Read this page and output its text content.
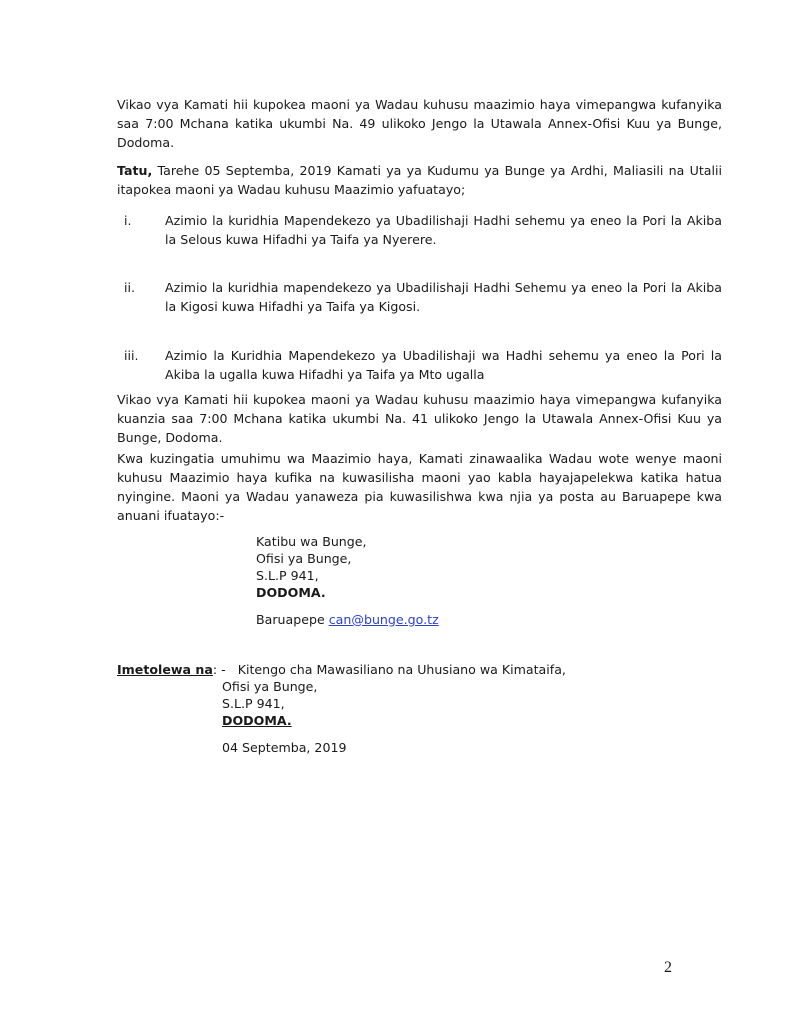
Vikao vya Kamati hii kupokea maoni ya Wadau kuhusu maazimio haya vimepangwa kufanyika saa 7:00 Mchana katika ukumbi Na. 49 ulikoko Jengo la Utawala Annex-Ofisi Kuu ya Bunge, Dodoma.

Tatu, Tarehe 05 Septemba, 2019 Kamati ya ya Kudumu ya Bunge ya Ardhi, Maliasili na Utalii itapokea maoni ya Wadau kuhusu Maazimio yafuatayo;

i.	Azimio la kuridhia Mapendekezo ya Ubadilishaji Hadhi sehemu ya eneo la Pori la Akiba la Selous kuwa Hifadhi ya Taifa ya Nyerere.

ii.	Azimio la kuridhia mapendekezo ya Ubadilishaji Hadhi Sehemu ya eneo la Pori la Akiba la Kigosi kuwa Hifadhi ya Taifa ya Kigosi.

iii.	Azimio la Kuridhia Mapendekezo ya Ubadilishaji wa Hadhi sehemu ya eneo la Pori la Akiba la ugalla kuwa Hifadhi ya Taifa ya Mto ugalla

Vikao vya Kamati hii kupokea maoni ya Wadau kuhusu maazimio haya vimepangwa kufanyika kuanzia saa 7:00 Mchana katika ukumbi Na. 41 ulikoko Jengo la Utawala Annex-Ofisi Kuu ya Bunge, Dodoma.

Kwa kuzingatia umuhimu wa Maazimio haya, Kamati zinawaalika Wadau wote wenye maoni kuhusu Maazimio haya kufika na kuwasilisha maoni yao kabla hayajapelekwa katika hatua nyingine. Maoni ya Wadau yanaweza pia kuwasilishwa kwa njia ya posta au Baruapepe kwa anuani ifuatayo:-

Katibu wa Bunge,
Ofisi ya Bunge,
S.L.P 941,
DODOMA.
Baruapepe can@bunge.go.tz
Imetolewa na: -   Kitengo cha Mawasiliano na Uhusiano wa Kimataifa,
Ofisi ya Bunge,
S.L.P 941,
DODOMA.
04 Septemba, 2019
2
